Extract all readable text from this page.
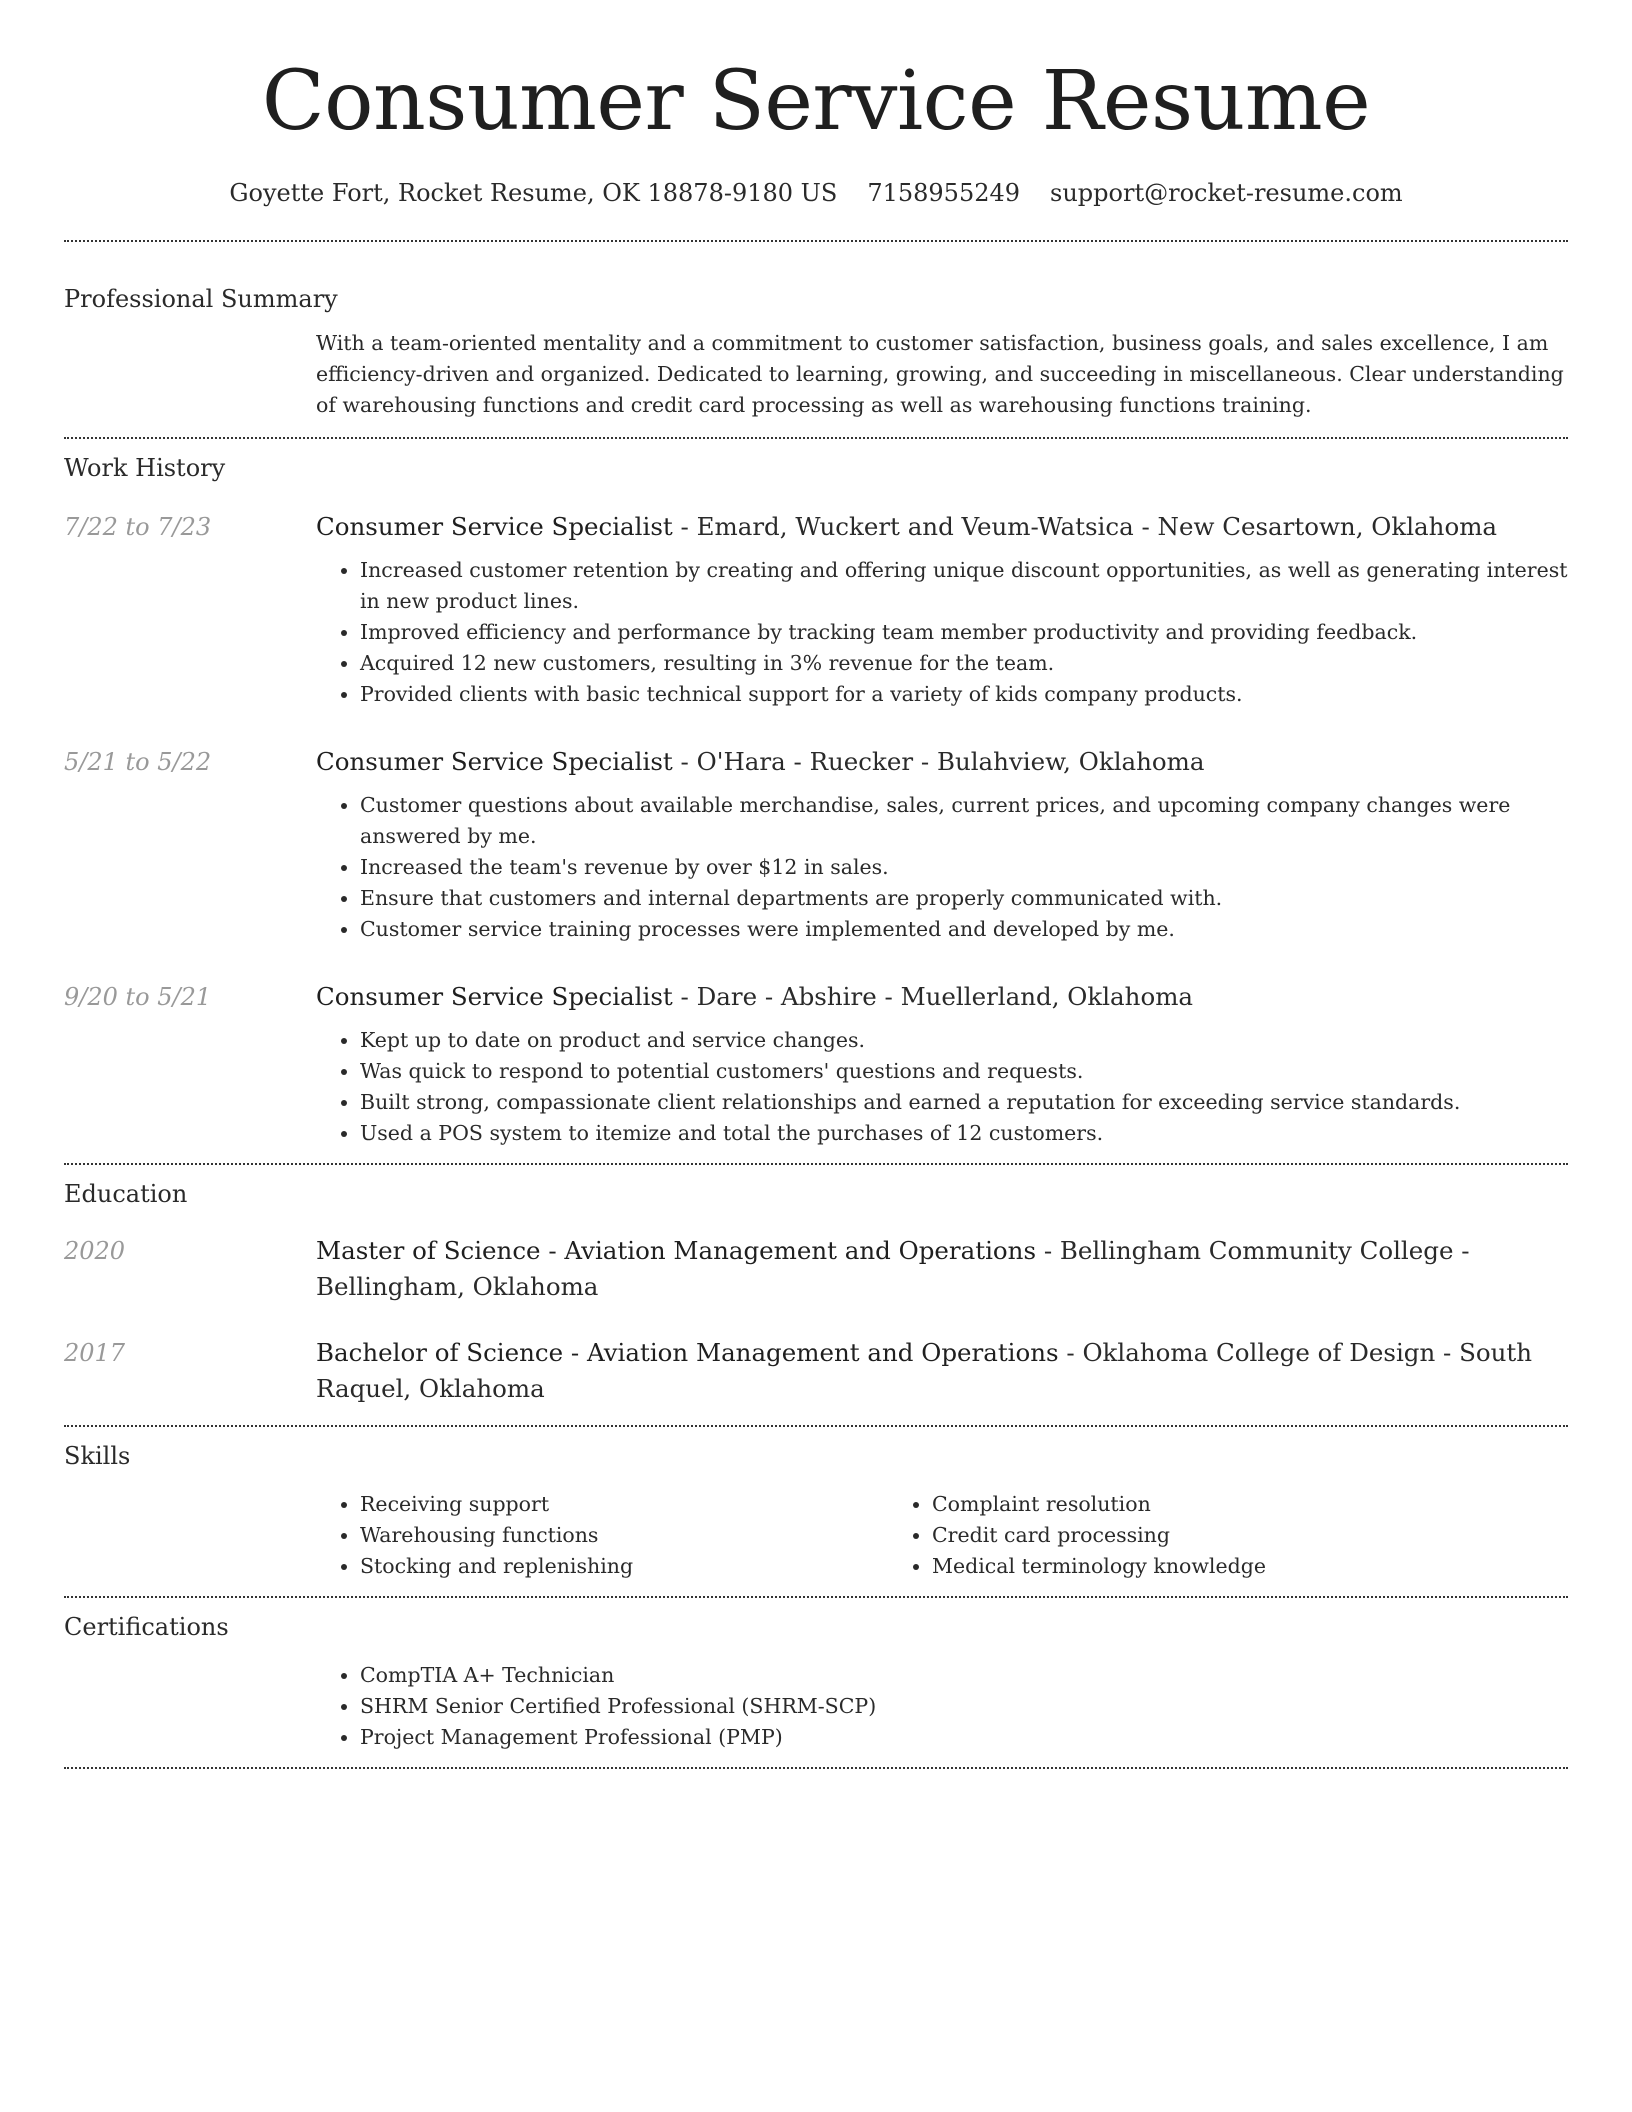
Consumer Service Resume
Goyette Fort, Rocket Resume, OK 18878-9180 US 7158955249 support@rocket-resume.com
Professional Summary
With a team-oriented mentality and a commitment to customer satisfaction, business goals, and sales excellence, I am efficiency-driven and organized. Dedicated to learning, growing, and succeeding in miscellaneous. Clear understanding of warehousing functions and credit card processing as well as warehousing functions training.
Work History
7/22 to 7/23	Consumer Service Specialist - Emard, Wuckert and Veum-Watsica - New Cesartown, Oklahoma
• Increased customer retention by creating and offering unique discount opportunities, as well as generating interest in new product lines.
• Improved efficiency and performance by tracking team member productivity and providing feedback.
• Acquired 12 new customers, resulting in 3% revenue for the team.
• Provided clients with basic technical support for a variety of kids company products.
5/21 to 5/22	Consumer Service Specialist - O'Hara - Ruecker - Bulahview, Oklahoma
• Customer questions about available merchandise, sales, current prices, and upcoming company changes were answered by me.
• Increased the team's revenue by over $12 in sales.
• Ensure that customers and internal departments are properly communicated with.
• Customer service training processes were implemented and developed by me.
9/20 to 5/21	Consumer Service Specialist - Dare - Abshire - Muellerland, Oklahoma
• Kept up to date on product and service changes.
• Was quick to respond to potential customers' questions and requests.
• Built strong, compassionate client relationships and earned a reputation for exceeding service standards.
• Used a POS system to itemize and total the purchases of 12 customers.
Education
2020	Master of Science - Aviation Management and Operations - Bellingham Community College - Bellingham, Oklahoma
2017	Bachelor of Science - Aviation Management and Operations - Oklahoma College of Design - South Raquel, Oklahoma
Skills
• Receiving support
• Warehousing functions
• Stocking and replenishing
• Complaint resolution
• Credit card processing
• Medical terminology knowledge
Certifications
• CompTIA A+ Technician
• SHRM Senior Certified Professional (SHRM-SCP)
• Project Management Professional (PMP)
